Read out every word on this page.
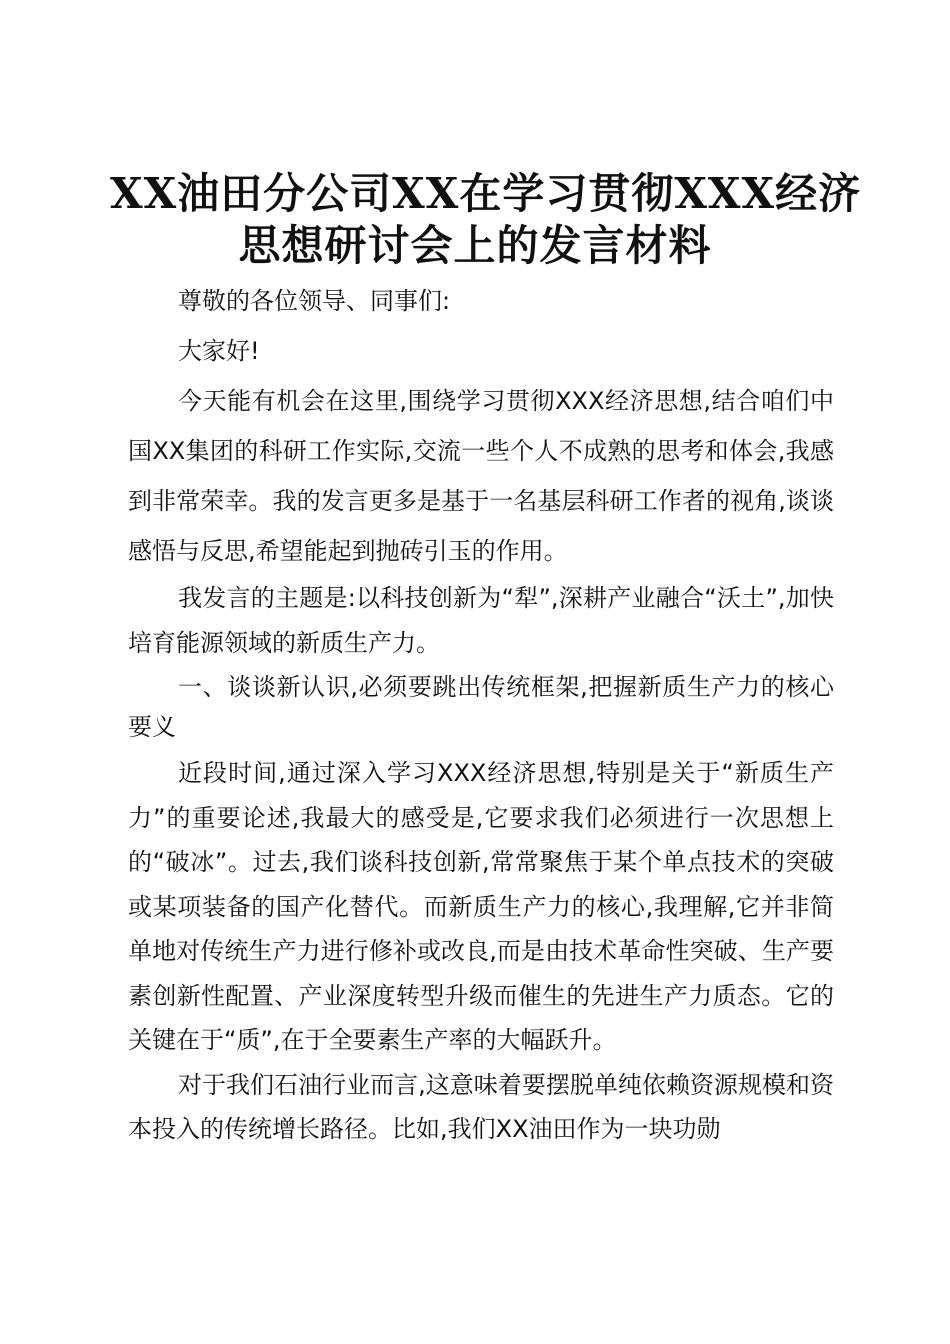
XX油田分公司XX在学习贯彻XXX经济
思想研讨会上的发言材料

尊敬的各位领导、同事们:

大家好!

今天能有机会在这里,围绕学习贯彻XXX经济思想,结合咱们中国XX集团的科研工作实际,交流一些个人不成熟的思考和体会,我感到非常荣幸。我的发言更多是基于一名基层科研工作者的视角,谈谈感悟与反思,希望能起到抛砖引玉的作用。

我发言的主题是:以科技创新为“犁”,深耕产业融合“沃土”,加快培育能源领域的新质生产力。

一、谈谈新认识,必须要跳出传统框架,把握新质生产力的核心要义

近段时间,通过深入学习XXX经济思想,特别是关于“新质生产力”的重要论述,我最大的感受是,它要求我们必须进行一次思想上的“破冰”。过去,我们谈科技创新,常常聚焦于某个单点技术的突破或某项装备的国产化替代。而新质生产力的核心,我理解,它并非简单地对传统生产力进行修补或改良,而是由技术革命性突破、生产要素创新性配置、产业深度转型升级而催生的先进生产力质态。它的关键在于“质”,在于全要素生产率的大幅跃升。

对于我们石油行业而言,这意味着要摆脱单纯依赖资源规模和资本投入的传统增长路径。比如,我们XX油田作为一块功勋
